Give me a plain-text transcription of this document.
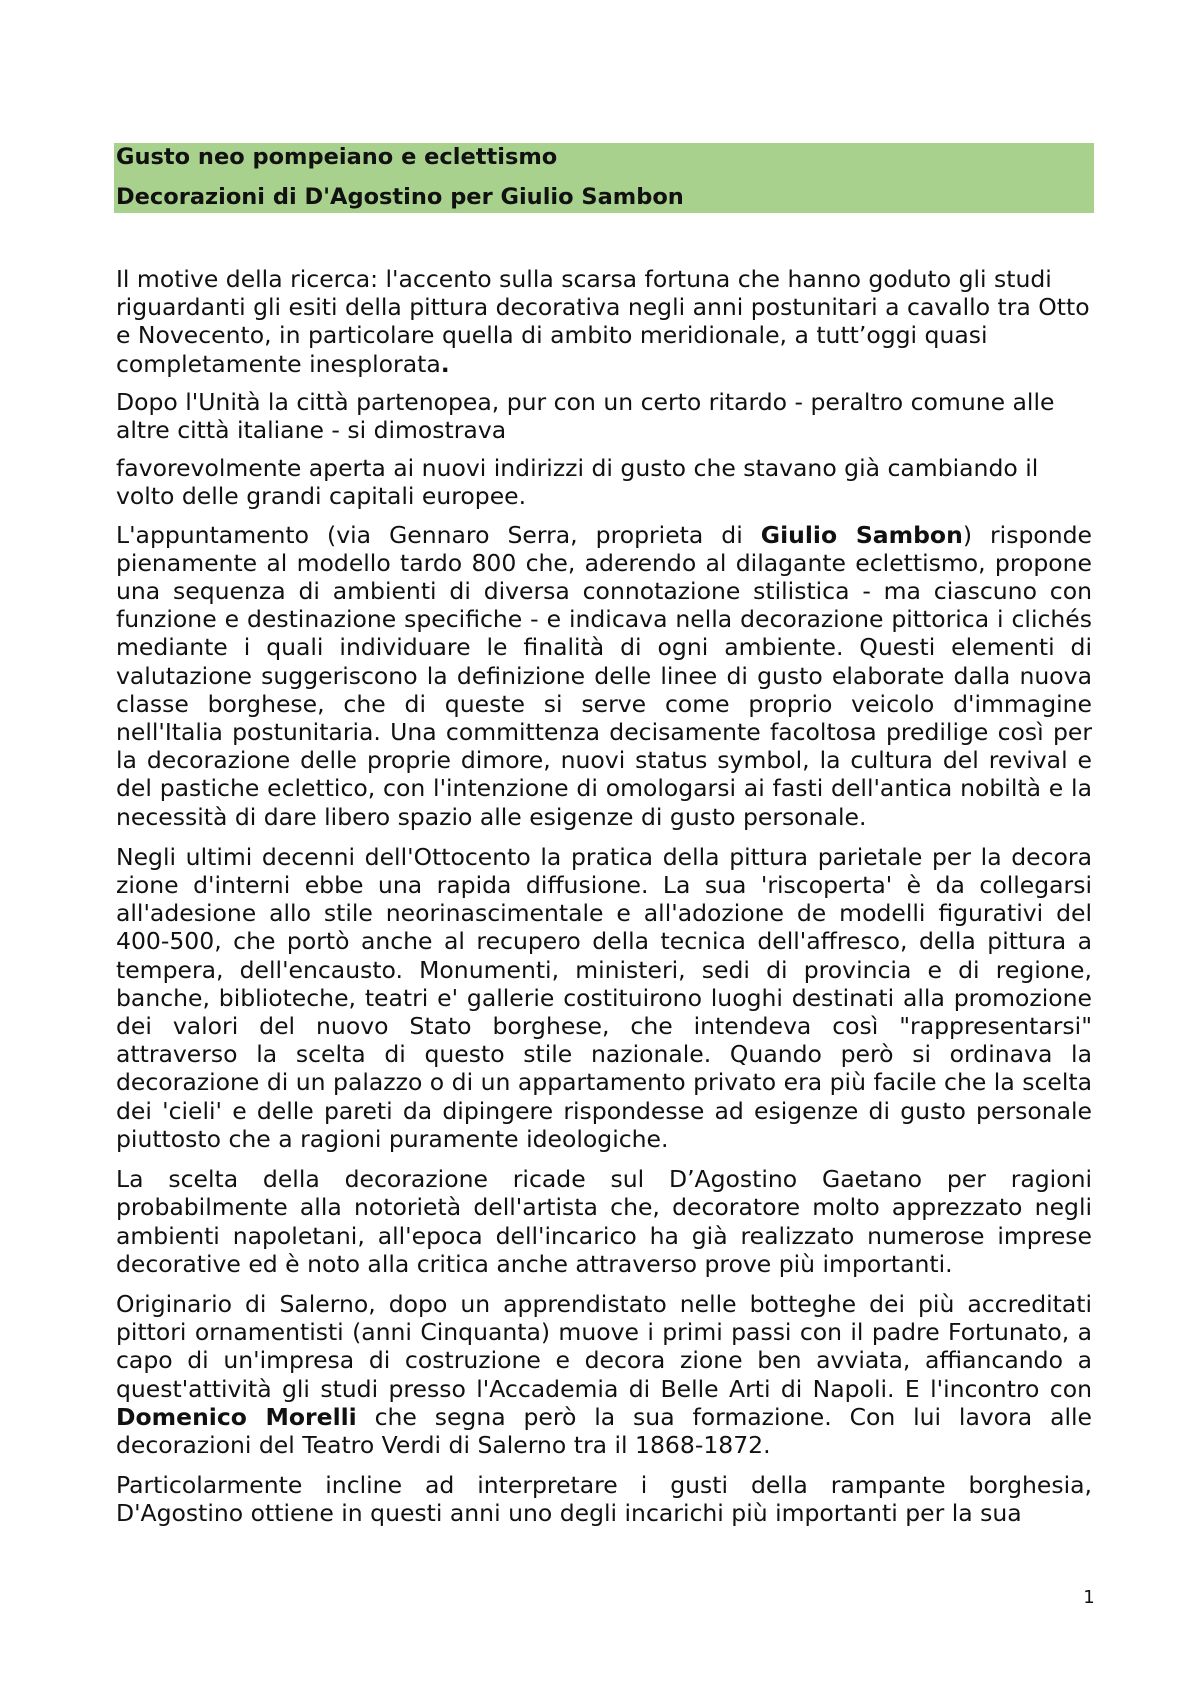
Gusto neo pompeiano e eclettismo
Decorazioni di D'Agostino per Giulio Sambon

Il motive della ricerca: l'accento sulla scarsa fortuna che hanno goduto gli studi riguardanti gli esiti della pittura decorativa negli anni postunitari a cavallo tra Otto e Novecento, in particolare quella di ambito meridionale, a tutt’oggi quasi completamente inesplorata.

Dopo l'Unità la città partenopea, pur con un certo ritardo - peraltro comune alle altre città italiane - si dimostrava

favorevolmente aperta ai nuovi indirizzi di gusto che stavano già cambiando il volto delle grandi capitali europee.

L'appuntamento (via Gennaro Serra, proprieta di Giulio Sambon) risponde pienamente al modello tardo 800 che, aderendo al dilagante eclettismo, propone una sequenza di ambienti di diversa connotazione stilistica - ma ciascuno con funzione e destinazione specifiche - e indicava nella decorazione pittorica i clichés mediante i quali individuare le finalità di ogni ambiente. Questi elementi di valutazione suggeriscono la definizione delle linee di gusto elaborate dalla nuova classe borghese, che di queste si serve come proprio veicolo d'immagine nell'Italia postunitaria. Una committenza decisamente facoltosa predilige così per la decorazione delle proprie dimore, nuovi status symbol, la cultura del revival e del pastiche eclettico, con l'intenzione di omologarsi ai fasti dell'antica nobiltà e la necessità di dare libero spazio alle esigenze di gusto personale.

Negli ultimi decenni dell'Ottocento la pratica della pittura parietale per la decora zione d'interni ebbe una rapida diffusione. La sua 'riscoperta' è da collegarsi all'adesione allo stile neorinascimentale e all'adozione de modelli figurativi del 400-500, che portò anche al recupero della tecnica dell'affresco, della pittura a tempera, dell'encausto. Monumenti, ministeri, sedi di provincia e di regione, banche, biblioteche, teatri e' gallerie costituirono luoghi destinati alla promozione dei valori del nuovo Stato borghese, che intendeva così "rappresentarsi" attraverso la scelta di questo stile nazionale. Quando però si ordinava la decorazione di un palazzo o di un appartamento privato era più facile che la scelta dei 'cieli' e delle pareti da dipingere rispondesse ad esigenze di gusto personale piuttosto che a ragioni puramente ideologiche.

La scelta della decorazione ricade sul D’Agostino Gaetano per ragioni probabilmente alla notorietà dell'artista che, decoratore molto apprezzato negli ambienti napoletani, all'epoca dell'incarico ha già realizzato numerose imprese decorative ed è noto alla critica anche attraverso prove più importanti.

Originario di Salerno, dopo un apprendistato nelle botteghe dei più accreditati pittori ornamentisti (anni Cinquanta) muove i primi passi con il padre Fortunato, a capo di un'impresa di costruzione e decora zione ben avviata, affiancando a quest'attività gli studi presso l'Accademia di Belle Arti di Napoli. E l'incontro con Domenico Morelli che segna però la sua formazione. Con lui lavora alle decorazioni del Teatro Verdi di Salerno tra il 1868-1872.

Particolarmente incline ad interpretare i gusti della rampante borghesia, D'Agostino ottiene in questi anni uno degli incarichi più importanti per la sua

1
